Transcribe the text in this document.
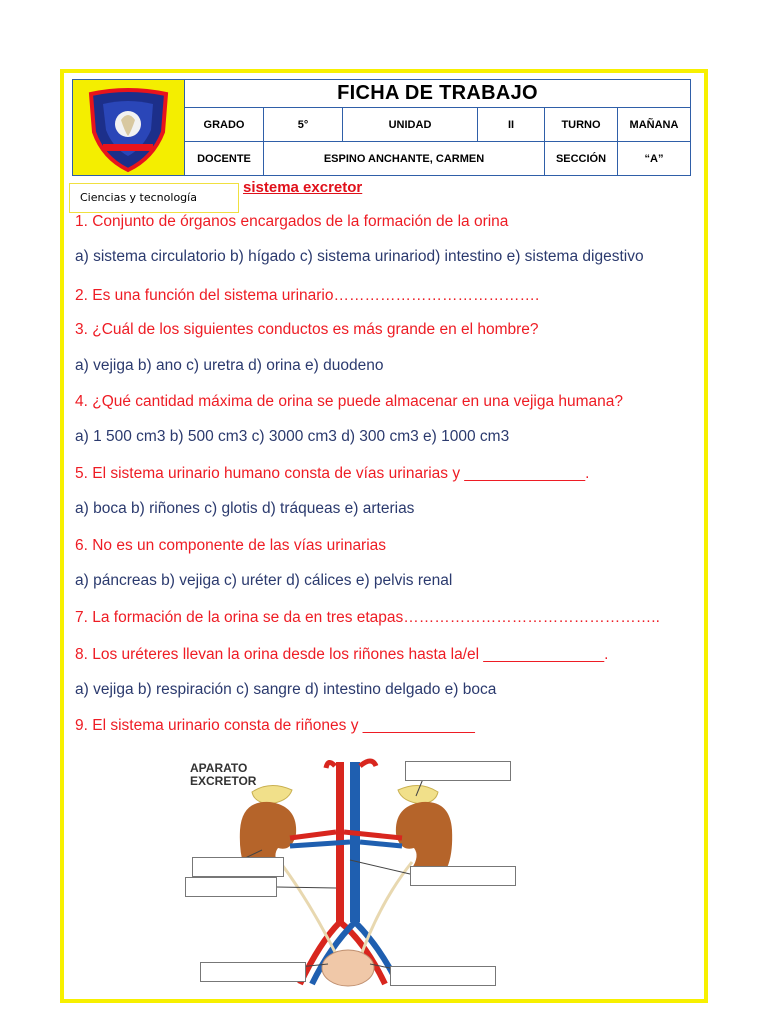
FICHA DE TRABAJO
GRADO	5°	UNIDAD	II	TURNO	MAÑANA
DOCENTE	ESPINO ANCHANTE, CARMEN	SECCIÓN	“A”
Ciencias y tecnología
sistema excretor
1. Conjunto de órganos encargados de la formación de la orina
a) sistema circulatorio b) hígado c) sistema urinariod) intestino e) sistema digestivo
2. Es una función del sistema urinario………………………………….
3. ¿Cuál de los siguientes conductos es más grande en el hombre?
a) vejiga b) ano c) uretra d) orina e) duodeno
4. ¿Qué cantidad máxima de orina se puede almacenar en una vejiga humana?
a) 1 500 cm3 b) 500 cm3 c) 3000 cm3 d) 300 cm3 e) 1000 cm3
5. El sistema urinario humano consta de vías urinarias y ______________.
a) boca b) riñones c) glotis d) tráqueas e) arterias
6. No es un componente de las vías urinarias
a) páncreas b) vejiga c) uréter d) cálices e) pelvis renal
7. La formación de la orina se da en tres etapas…………………………………………..
8. Los uréteres llevan la orina desde los riñones hasta la/el ______________.
a) vejiga b) respiración c) sangre d) intestino delgado e) boca
9. El sistema urinario consta de riñones y _____________
APARATO
EXCRETOR
